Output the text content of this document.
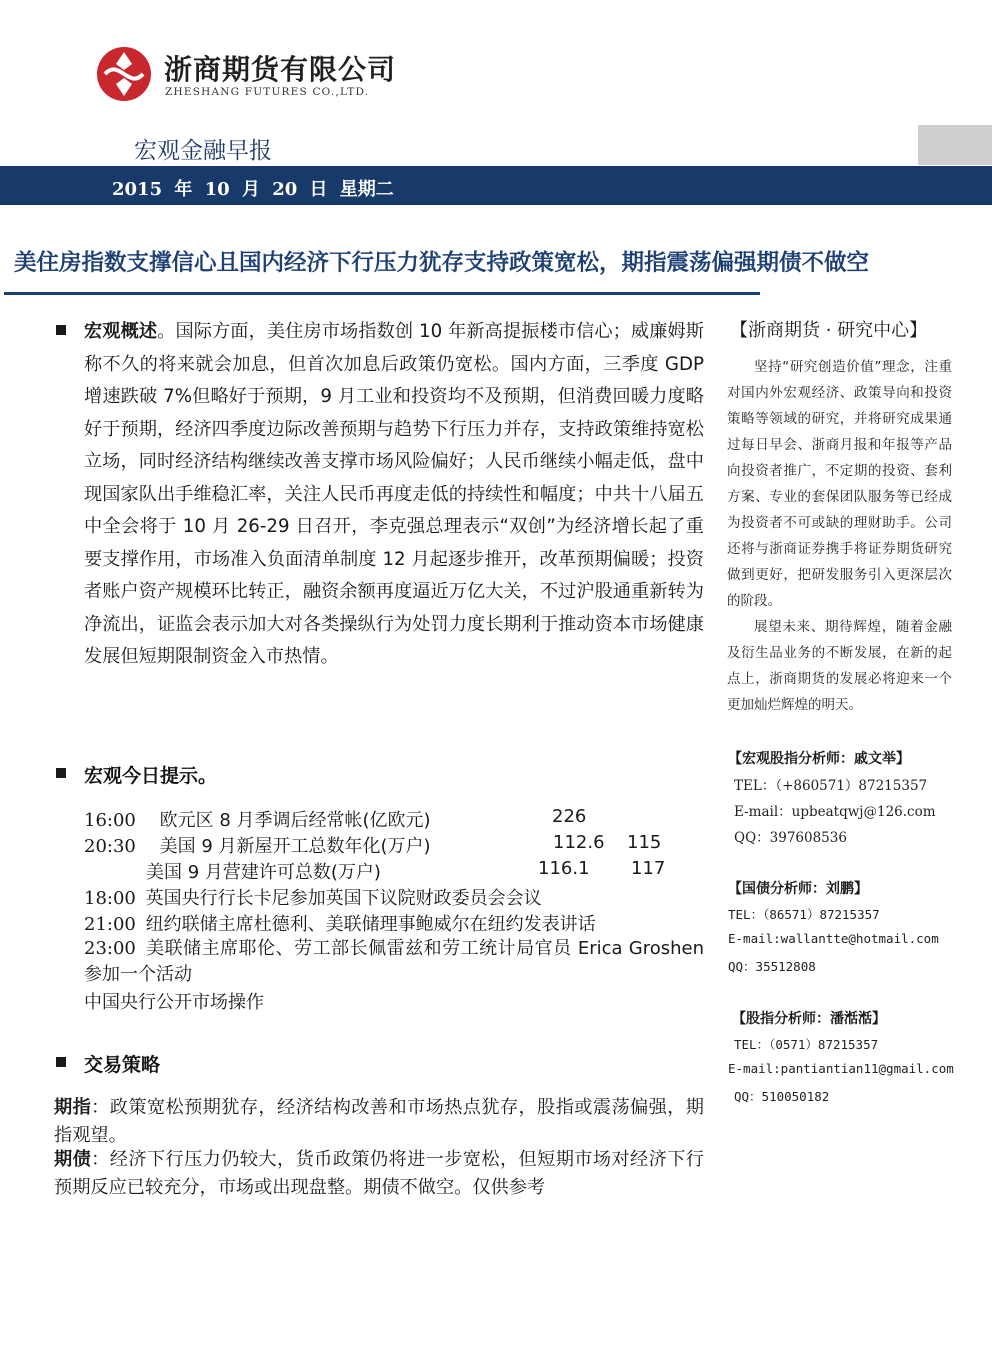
浙商期货有限公司
ZHESHANG FUTURES CO.,LTD.
宏观金融早报
2015 年 10 月 20 日 星期二
美住房指数支撑信心且国内经济下行压力犹存支持政策宽松，期指震荡偏强期债不做空
宏观概述。国际方面，美住房市场指数创 10 年新高提振楼市信心；威廉姆斯称不久的将来就会加息，但首次加息后政策仍宽松。国内方面，三季度 GDP 增速跌破 7%但略好于预期，9 月工业和投资均不及预期，但消费回暖力度略好于预期，经济四季度边际改善预期与趋势下行压力并存，支持政策维持宽松立场，同时经济结构继续改善支撑市场风险偏好；人民币继续小幅走低，盘中现国家队出手维稳汇率，关注人民币再度走低的持续性和幅度；中共十八届五中全会将于 10 月 26-29 日召开，李克强总理表示“双创”为经济增长起了重要支撑作用，市场准入负面清单制度 12 月起逐步推开，改革预期偏暖；投资者账户资产规模环比转正，融资余额再度逼近万亿大关，不过沪股通重新转为净流出，证监会表示加大对各类操纵行为处罚力度长期利于推动资本市场健康发展但短期限制资金入市热情。
宏观今日提示。
16:00 欧元区 8 月季调后经常帐(亿欧元)	226
20:30 美国 9 月新屋开工总数年化(万户)	112.6 115
美国 9 月营建许可总数(万户)	116.1 117
18:00 英国央行行长卡尼参加英国下议院财政委员会会议
21:00 纽约联储主席杜德利、美联储理事鲍威尔在纽约发表讲话
23:00 美联储主席耶伦、劳工部长佩雷兹和劳工统计局官员 Erica Groshen 参加一个活动
中国央行公开市场操作
交易策略
期指：政策宽松预期犹存，经济结构改善和市场热点犹存，股指或震荡偏强，期指观望。
期债：经济下行压力仍较大，货币政策仍将进一步宽松，但短期市场对经济下行预期反应已较充分，市场或出现盘整。期债不做空。仅供参考
【浙商期货 · 研究中心】

坚持“研究创造价值”理念，注重对国内外宏观经济、政策导向和投资策略等领域的研究，并将研究成果通过每日早会、浙商月报和年报等产品向投资者推广，不定期的投资、套利方案、专业的套保团队服务等已经成为投资者不可或缺的理财助手。公司还将与浙商证券携手将证券期货研究做到更好，把研发服务引入更深层次的阶段。

展望未来、期待辉煌，随着金融及衍生品业务的不断发展，在新的起点上，浙商期货的发展必将迎来一个更加灿烂辉煌的明天。

【宏观股指分析师：戚文举】
TEL：（+860571）87215357
E-mail：upbeatqwj@126.com
QQ：397608536
【国债分析师：刘鹏】
TEL：（86571）87215357
E-mail:wallantte@hotmail.com
QQ：35512808
【股指分析师：潘湉湉】
TEL：（0571）87215357
E-mail:pantiantian11@gmail.com
QQ：510050182
